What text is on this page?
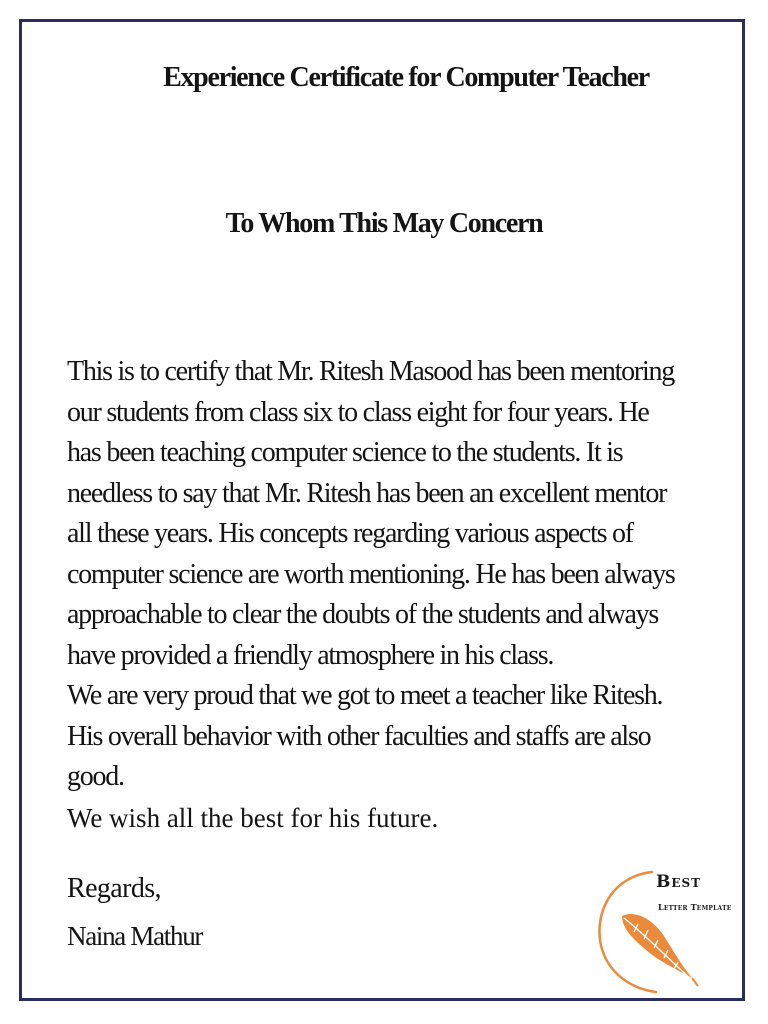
Experience Certificate for Computer Teacher
To Whom This May Concern
This is to certify that Mr. Ritesh Masood has been mentoring
our students from class six to class eight for four years. He
has been teaching computer science to the students. It is
needless to say that Mr. Ritesh has been an excellent mentor
all these years. His concepts regarding various aspects of
computer science are worth mentioning. He has been always
approachable to clear the doubts of the students and always
have provided a friendly atmosphere in his class.
We are very proud that we got to meet a teacher like Ritesh.
His overall behavior with other faculties and staffs are also
good.
We wish all the best for his future.
Regards,
Naina Mathur
Best
Letter Template
